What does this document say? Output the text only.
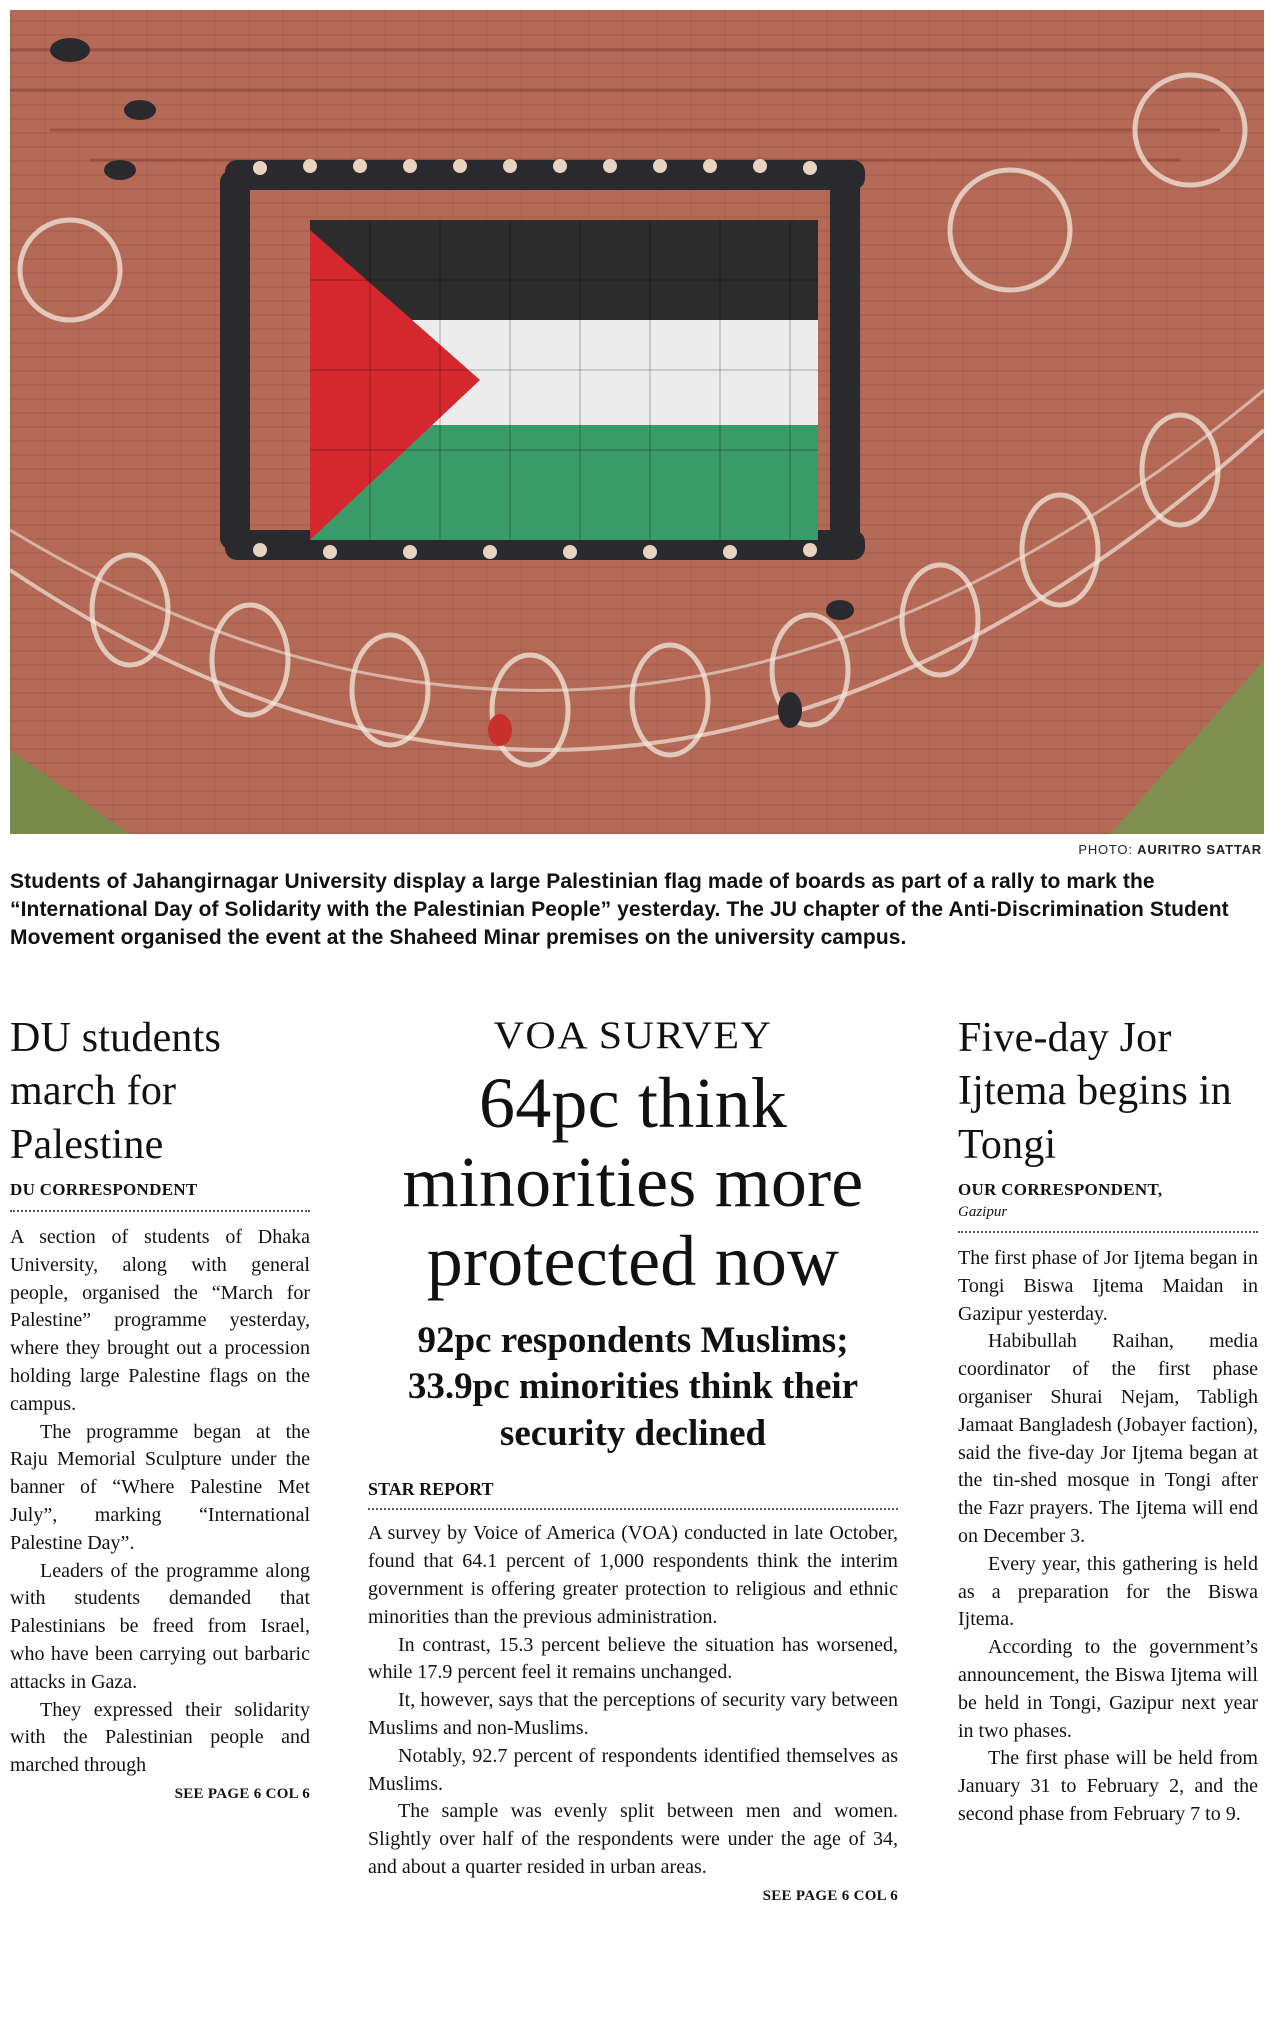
PHOTO: AURITRO SATTAR
Students of Jahangirnagar University display a large Palestinian flag made of boards as part of a rally to mark the “International Day of Solidarity with the Palestinian People” yesterday. The JU chapter of the Anti-Discrimination Student Movement organised the event at the Shaheed Minar premises on the university campus.
DU students march for Palestine
DU CORRESPONDENT

A section of students of Dhaka University, along with general people, organised the “March for Palestine” programme yesterday, where they brought out a procession holding large Palestine flags on the campus.

The programme began at the Raju Memorial Sculpture under the banner of “Where Palestine Met July”, marking “International Palestine Day”.

Leaders of the programme along with students demanded that Palestinians be freed from Israel, who have been carrying out barbaric attacks in Gaza.

They expressed their solidarity with the Palestinian people and marched through

SEE PAGE 6 COL 6
VOA SURVEY
64pc think minorities more protected now
92pc respondents Muslims; 33.9pc minorities think their security declined
STAR REPORT

A survey by Voice of America (VOA) conducted in late October, found that 64.1 percent of 1,000 respondents think the interim government is offering greater protection to religious and ethnic minorities than the previous administration.

In contrast, 15.3 percent believe the situation has worsened, while 17.9 percent feel it remains unchanged.

It, however, says that the perceptions of security vary between Muslims and non-Muslims.

Notably, 92.7 percent of respondents identified themselves as Muslims.

The sample was evenly split between men and women. Slightly over half of the respondents were under the age of 34, and about a quarter resided in urban areas.

SEE PAGE 6 COL 6
Five-day Jor Ijtema begins in Tongi
OUR CORRESPONDENT,
Gazipur

The first phase of Jor Ijtema began in Tongi Biswa Ijtema Maidan in Gazipur yesterday.

Habibullah Raihan, media coordinator of the first phase organiser Shurai Nejam, Tabligh Jamaat Bangladesh (Jobayer faction), said the five-day Jor Ijtema began at the tin-shed mosque in Tongi after the Fazr prayers. The Ijtema will end on December 3.

Every year, this gathering is held as a preparation for the Biswa Ijtema.

According to the government’s announcement, the Biswa Ijtema will be held in Tongi, Gazipur next year in two phases.

The first phase will be held from January 31 to February 2, and the second phase from February 7 to 9.
